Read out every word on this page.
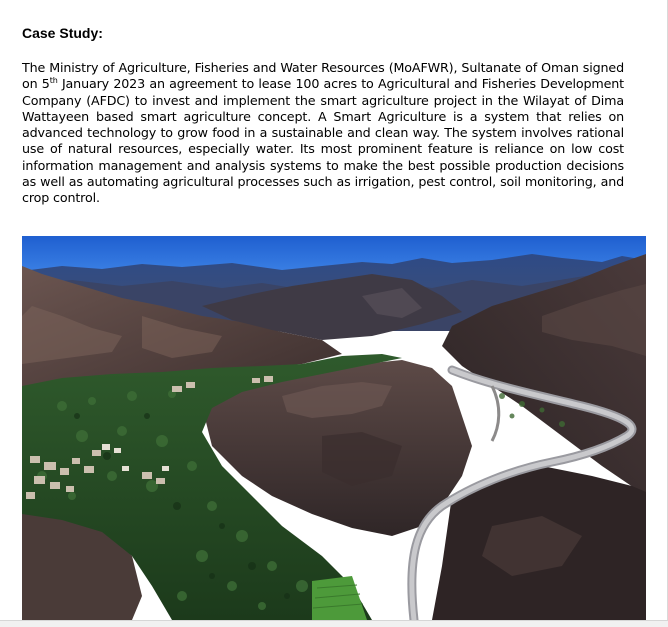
Case Study:
The Ministry of Agriculture, Fisheries and Water Resources (MoAFWR), Sultanate of Oman signed on 5th January 2023 an agreement to lease 100 acres to Agricultural and Fisheries Development Company (AFDC) to invest and implement the smart agriculture project in the Wilayat of Dima Wattayeen based smart agriculture concept. A Smart Agriculture is a system that relies on advanced technology to grow food in a sustainable and clean way. The system involves rational use of natural resources, especially water. Its most prominent feature is reliance on low cost information management and analysis systems to make the best possible production decisions as well as automating agricultural processes such as irrigation, pest control, soil monitoring, and crop control.
